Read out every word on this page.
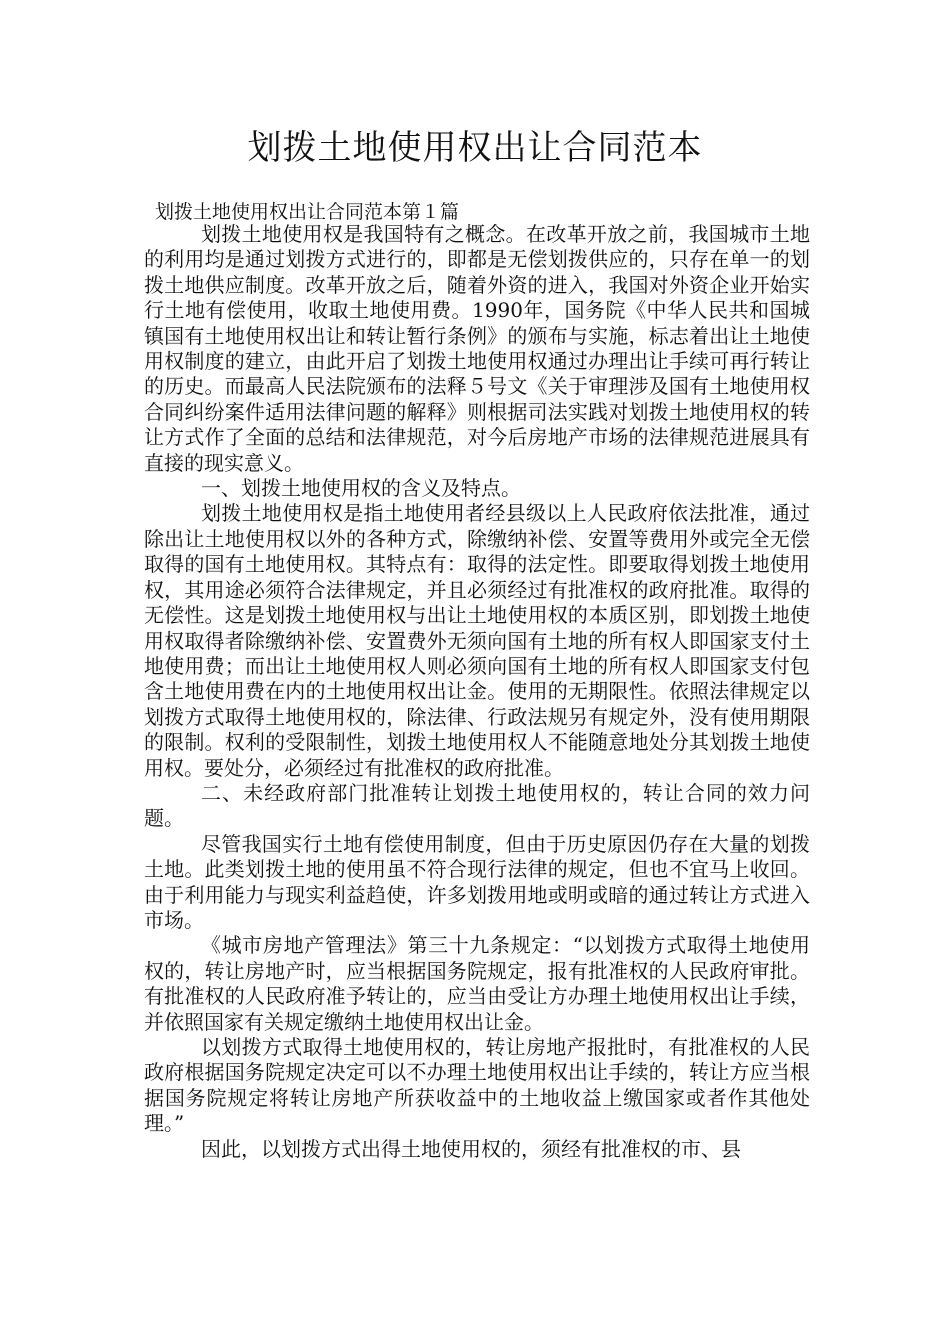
划拨土地使用权出让合同范本
划拨土地使用权出让合同范本第１篇

划拨土地使用权是我国特有之概念。在改革开放之前，我国城市土地的利用均是通过划拨方式进行的，即都是无偿划拨供应的，只存在单一的划拨土地供应制度。改革开放之后，随着外资的进入，我国对外资企业开始实行土地有偿使用，收取土地使用费。1990年，国务院《中华人民共和国城镇国有土地使用权出让和转让暂行条例》的颁布与实施，标志着出让土地使用权制度的建立，由此开启了划拨土地使用权通过办理出让手续可再行转让的历史。而最高人民法院颁布的法释５号文《关于审理涉及国有土地使用权合同纠纷案件适用法律问题的解释》则根据司法实践对划拨土地使用权的转让方式作了全面的总结和法律规范，对今后房地产市场的法律规范进展具有直接的现实意义。

一、划拨土地使用权的含义及特点。

划拨土地使用权是指土地使用者经县级以上人民政府依法批准，通过除出让土地使用权以外的各种方式，除缴纳补偿、安置等费用外或完全无偿取得的国有土地使用权。其特点有：取得的法定性。即要取得划拨土地使用权，其用途必须符合法律规定，并且必须经过有批准权的政府批准。取得的无偿性。这是划拨土地使用权与出让土地使用权的本质区别，即划拨土地使用权取得者除缴纳补偿、安置费外无须向国有土地的所有权人即国家支付土地使用费；而出让土地使用权人则必须向国有土地的所有权人即国家支付包含土地使用费在内的土地使用权出让金。使用的无期限性。依照法律规定以划拨方式取得土地使用权的，除法律、行政法规另有规定外，没有使用期限的限制。权利的受限制性，划拨土地使用权人不能随意地处分其划拨土地使用权。要处分，必须经过有批准权的政府批准。

二、未经政府部门批准转让划拨土地使用权的，转让合同的效力问题。

尽管我国实行土地有偿使用制度，但由于历史原因仍存在大量的划拨土地。此类划拨土地的使用虽不符合现行法律的规定，但也不宜马上收回。由于利用能力与现实利益趋使，许多划拨用地或明或暗的通过转让方式进入市场。

《城市房地产管理法》第三十九条规定：“以划拨方式取得土地使用权的，转让房地产时，应当根据国务院规定，报有批准权的人民政府审批。有批准权的人民政府准予转让的，应当由受让方办理土地使用权出让手续，并依照国家有关规定缴纳土地使用权出让金。

以划拨方式取得土地使用权的，转让房地产报批时，有批准权的人民政府根据国务院规定决定可以不办理土地使用权出让手续的，转让方应当根据国务院规定将转让房地产所获收益中的土地收益上缴国家或者作其他处理。”

因此，以划拨方式出得土地使用权的，须经有批准权的市、县
